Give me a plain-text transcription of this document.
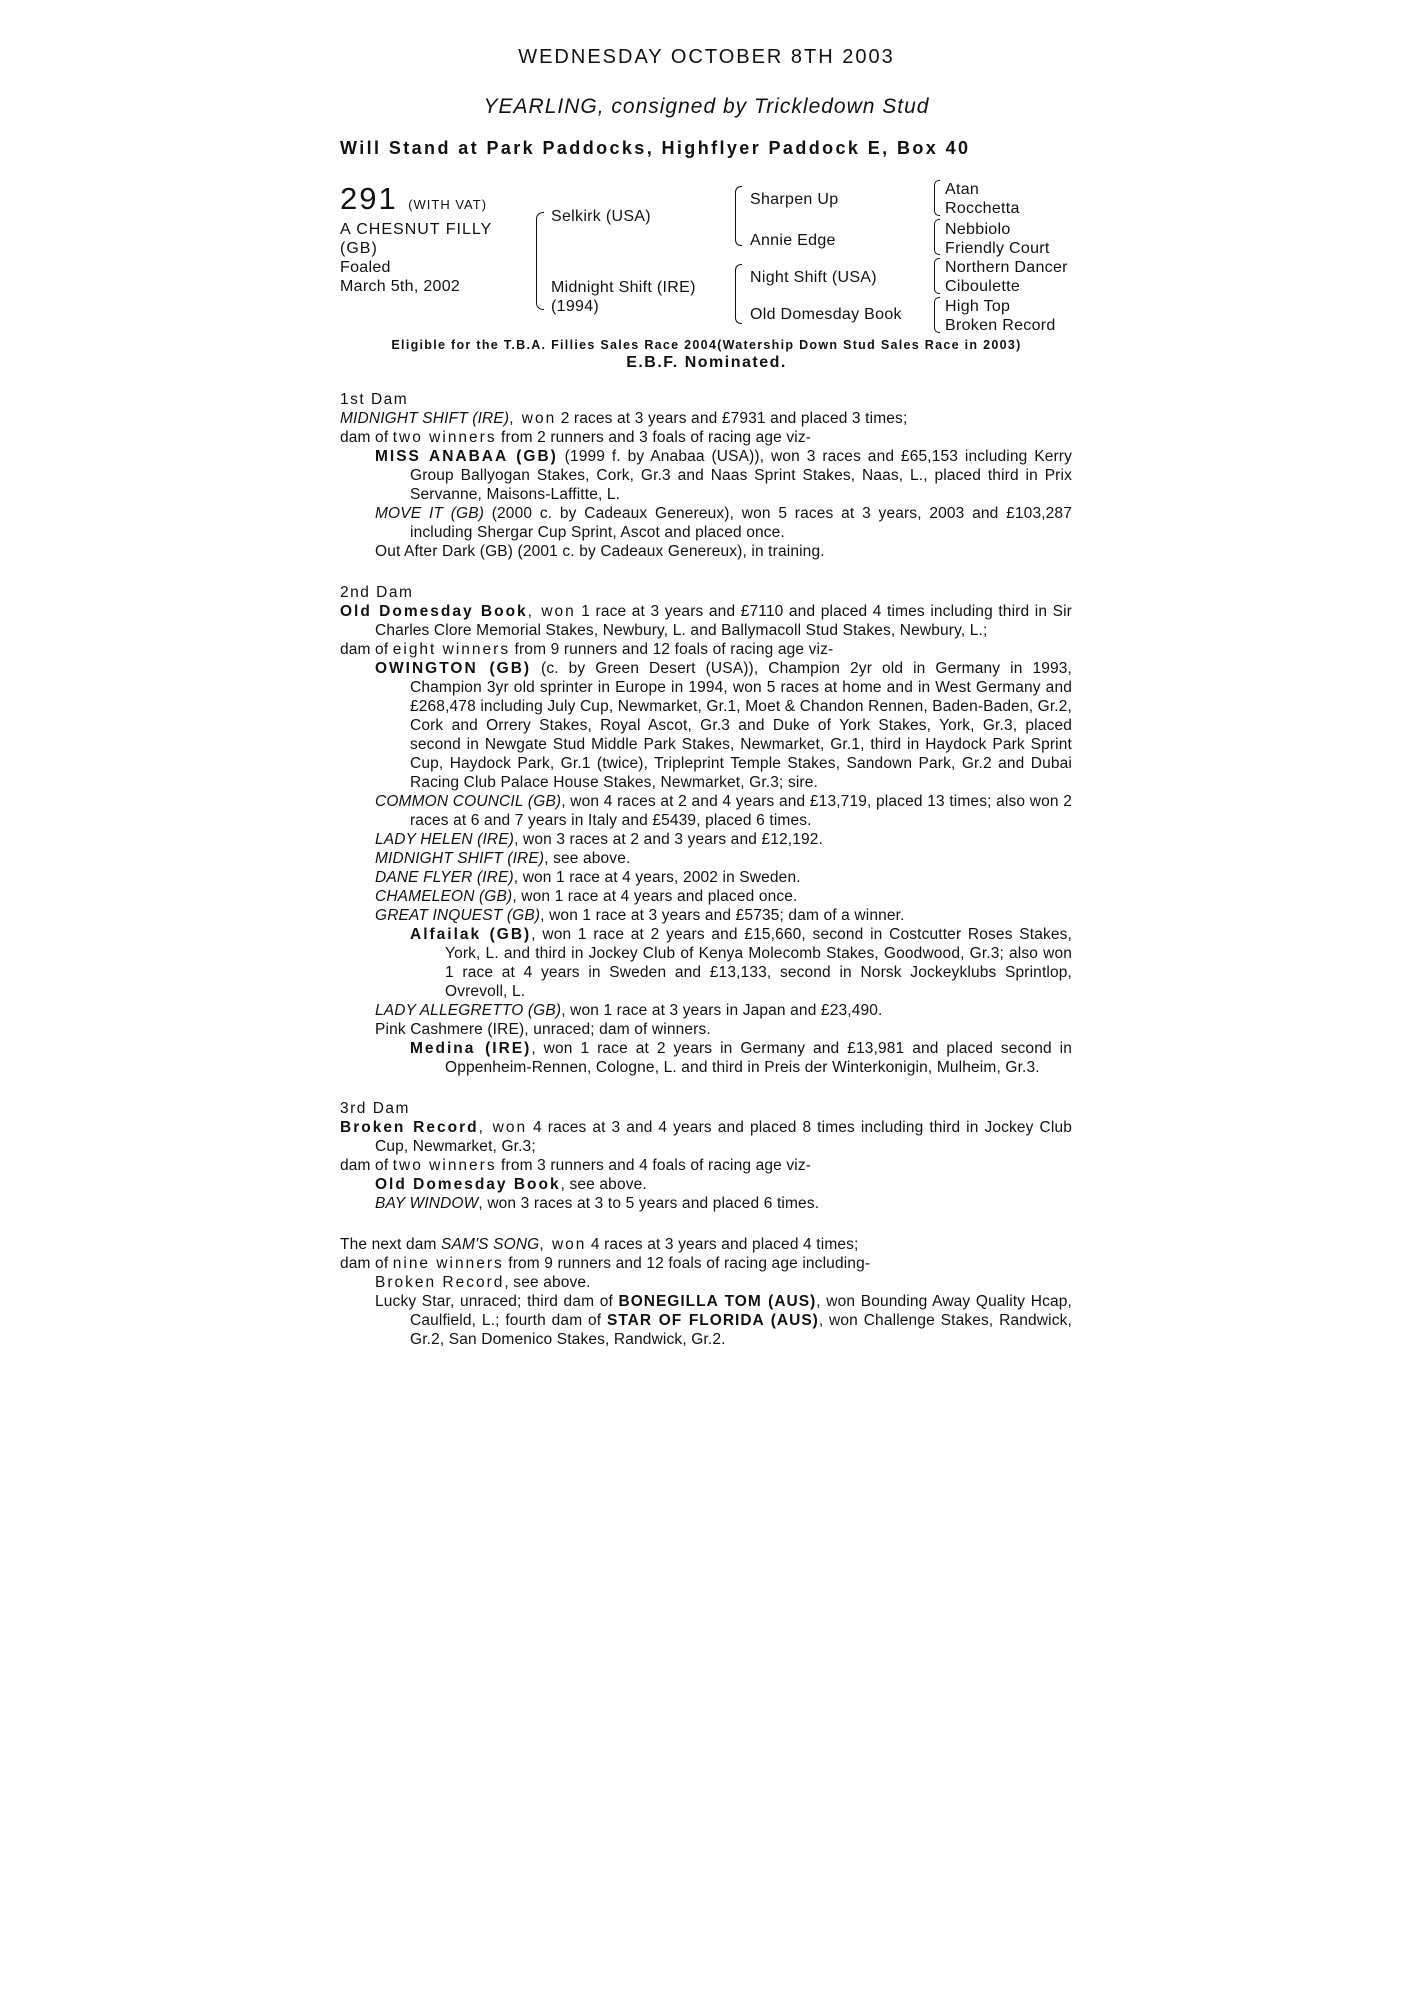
WEDNESDAY OCTOBER 8TH 2003
YEARLING, consigned by Trickledown Stud
Will Stand at Park Paddocks, Highflyer Paddock E, Box 40
291 (WITH VAT)
A CHESNUT FILLY
(GB)
Foaled
March 5th, 2002
Selkirk (USA)
Midnight Shift (IRE)
(1994)
Sharpen Up
Annie Edge
Night Shift (USA)
Old Domesday Book
Atan
Rocchetta
Nebbiolo
Friendly Court
Northern Dancer
Ciboulette
High Top
Broken Record
Eligible for the T.B.A. Fillies Sales Race 2004(Watership Down Stud Sales Race in 2003)
E.B.F. Nominated.

1st Dam

MIDNIGHT SHIFT (IRE), won 2 races at 3 years and £7931 and placed 3 times;

dam of two winners from 2 runners and 3 foals of racing age viz-

MISS ANABAA (GB) (1999 f. by Anabaa (USA)), won 3 races and £65,153 including Kerry Group Ballyogan Stakes, Cork, Gr.3 and Naas Sprint Stakes, Naas, L., placed third in Prix Servanne, Maisons-Laffitte, L.

MOVE IT (GB) (2000 c. by Cadeaux Genereux), won 5 races at 3 years, 2003 and £103,287 including Shergar Cup Sprint, Ascot and placed once.

Out After Dark (GB) (2001 c. by Cadeaux Genereux), in training.

2nd Dam

Old Domesday Book, won 1 race at 3 years and £7110 and placed 4 times including third in Sir Charles Clore Memorial Stakes, Newbury, L. and Ballymacoll Stud Stakes, Newbury, L.;

dam of eight winners from 9 runners and 12 foals of racing age viz-

OWINGTON (GB) (c. by Green Desert (USA)), Champion 2yr old in Germany in 1993, Champion 3yr old sprinter in Europe in 1994, won 5 races at home and in West Germany and £268,478 including July Cup, Newmarket, Gr.1, Moet & Chandon Rennen, Baden-Baden, Gr.2, Cork and Orrery Stakes, Royal Ascot, Gr.3 and Duke of York Stakes, York, Gr.3, placed second in Newgate Stud Middle Park Stakes, Newmarket, Gr.1, third in Haydock Park Sprint Cup, Haydock Park, Gr.1 (twice), Tripleprint Temple Stakes, Sandown Park, Gr.2 and Dubai Racing Club Palace House Stakes, Newmarket, Gr.3; sire.

COMMON COUNCIL (GB), won 4 races at 2 and 4 years and £13,719, placed 13 times; also won 2 races at 6 and 7 years in Italy and £5439, placed 6 times.

LADY HELEN (IRE), won 3 races at 2 and 3 years and £12,192.

MIDNIGHT SHIFT (IRE), see above.

DANE FLYER (IRE), won 1 race at 4 years, 2002 in Sweden.

CHAMELEON (GB), won 1 race at 4 years and placed once.

GREAT INQUEST (GB), won 1 race at 3 years and £5735; dam of a winner.

Alfailak (GB), won 1 race at 2 years and £15,660, second in Costcutter Roses Stakes, York, L. and third in Jockey Club of Kenya Molecomb Stakes, Goodwood, Gr.3; also won 1 race at 4 years in Sweden and £13,133, second in Norsk Jockeyklubs Sprintlop, Ovrevoll, L.

LADY ALLEGRETTO (GB), won 1 race at 3 years in Japan and £23,490.

Pink Cashmere (IRE), unraced; dam of winners.

Medina (IRE), won 1 race at 2 years in Germany and £13,981 and placed second in Oppenheim-Rennen, Cologne, L. and third in Preis der Winterkonigin, Mulheim, Gr.3.

3rd Dam

Broken Record, won 4 races at 3 and 4 years and placed 8 times including third in Jockey Club Cup, Newmarket, Gr.3;

dam of two winners from 3 runners and 4 foals of racing age viz-

Old Domesday Book, see above.

BAY WINDOW, won 3 races at 3 to 5 years and placed 6 times.

The next dam SAM'S SONG, won 4 races at 3 years and placed 4 times;

dam of nine winners from 9 runners and 12 foals of racing age including-

Broken Record, see above.

Lucky Star, unraced; third dam of BONEGILLA TOM (AUS), won Bounding Away Quality Hcap, Caulfield, L.; fourth dam of STAR OF FLORIDA (AUS), won Challenge Stakes, Randwick, Gr.2, San Domenico Stakes, Randwick, Gr.2.
